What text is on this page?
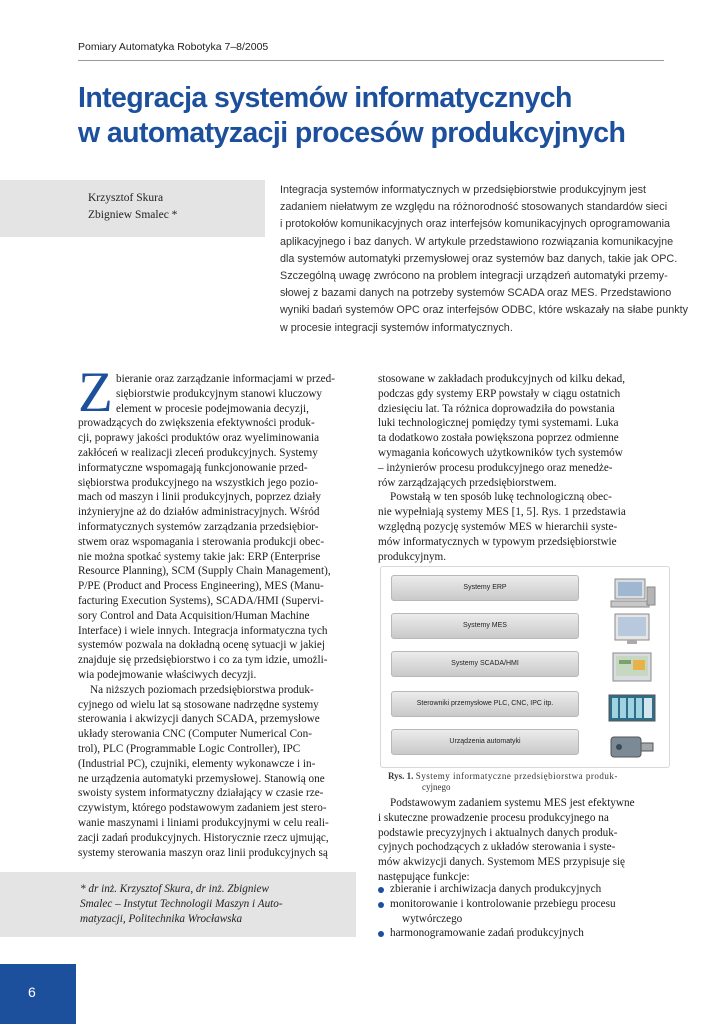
Pomiary Automatyka Robotyka 7–8/2005
Integracja systemów informatycznych
w automatyzacji procesów produkcyjnych
Krzysztof Skura
Zbigniew Smalec *
Integracja systemów informatycznych w przedsiębiorstwie produkcyjnym jest
zadaniem niełatwym ze względu na różnorodność stosowanych standardów sieci
i protokołów komunikacyjnych oraz interfejsów komunikacyjnych oprogramowania
aplikacyjnego i baz danych. W artykule przedstawiono rozwiązania komunikacyjne
dla systemów automatyki przemysłowej oraz systemów baz danych, takie jak OPC.
Szczególną uwagę zwrócono na problem integracji urządzeń automatyki przemy-
słowej z bazami danych na potrzeby systemów SCADA oraz MES. Przedstawiono
wyniki badań systemów OPC oraz interfejsów ODBC, które wskazały na słabe punkty
w procesie integracji systemów informatycznych.
Z bieranie oraz zarządzanie informacjami w przed-
siębiorstwie produkcyjnym stanowi kluczowy
element w procesie podejmowania decyzji,
prowadzących do zwiększenia efektywności produk-
cji, poprawy jakości produktów oraz wyeliminowania
zakłóceń w realizacji zleceń produkcyjnych. Systemy
informatyczne wspomagają funkcjonowanie przed-
siębiorstwa produkcyjnego na wszystkich jego pozio-
mach od maszyn i linii produkcyjnych, poprzez działy
inżynieryjne aż do działów administracyjnych. Wśród
informatycznych systemów zarządzania przedsiębior-
stwem oraz wspomagania i sterowania produkcji obec-
nie można spotkać systemy takie jak: ERP (Enterprise
Resource Planning), SCM (Supply Chain Management),
P/PE (Product and Process Engineering), MES (Manu-
facturing Execution Systems), SCADA/HMI (Supervi-
sory Control and Data Acquisition/Human Machine
Interface) i wiele innych. Integracja informatyczna tych
systemów pozwala na dokładną ocenę sytuacji w jakiej
znajduje się przedsiębiorstwo i co za tym idzie, umożli-
wia podejmowanie właściwych decyzji.
Na niższych poziomach przedsiębiorstwa produk-
cyjnego od wielu lat są stosowane nadrzędne systemy
sterowania i akwizycji danych SCADA, przemysłowe
układy sterowania CNC (Computer Numerical Con-
trol), PLC (Programmable Logic Controller), IPC
(Industrial PC), czujniki, elementy wykonawcze i in-
ne urządzenia automatyki przemysłowej. Stanowią one
swoisty system informatyczny działający w czasie rze-
czywistym, którego podstawowym zadaniem jest stero-
wanie maszynami i liniami produkcyjnymi w celu reali-
zacji zadań produkcyjnych. Historycznie rzecz ujmując,
systemy sterowania maszyn oraz linii produkcyjnych są
stosowane w zakładach produkcyjnych od kilku dekad,
podczas gdy systemy ERP powstały w ciągu ostatnich
dziesięciu lat. Ta różnica doprowadziła do powstania
luki technologicznej pomiędzy tymi systemami. Luka
ta dodatkowo została powiększona poprzez odmienne
wymagania końcowych użytkowników tych systemów
– inżynierów procesu produkcyjnego oraz menedże-
rów zarządzających przedsiębiorstwem.
Powstałą w ten sposób lukę technologiczną obec-
nie wypełniają systemy MES [1, 5]. Rys. 1 przedstawia
względną pozycję systemów MES w hierarchii syste-
mów informatycznych w typowym przedsiębiorstwie
produkcyjnym.
Systemy ERP
Systemy MES
Systemy SCADA/HMI
Sterowniki przemysłowe PLC, CNC, IPC itp.
Urządzenia automatyki
Rys. 1. Systemy informatyczne przedsiębiorstwa produk-
cyjnego
Podstawowym zadaniem systemu MES jest efektywne
i skuteczne prowadzenie procesu produkcyjnego na
podstawie precyzyjnych i aktualnych danych produk-
cyjnych pochodzących z układów sterowania i syste-
mów akwizycji danych. Systemom MES przypisuje się
następujące funkcje:
zbieranie i archiwizacja danych produkcyjnych
monitorowanie i kontrolowanie przebiegu procesu
wytwórczego
harmonogramowanie zadań produkcyjnych
* dr inż. Krzysztof Skura, dr inż. Zbigniew
Smalec – Instytut Technologii Maszyn i Auto-
matyzacji, Politechnika Wrocławska
6
